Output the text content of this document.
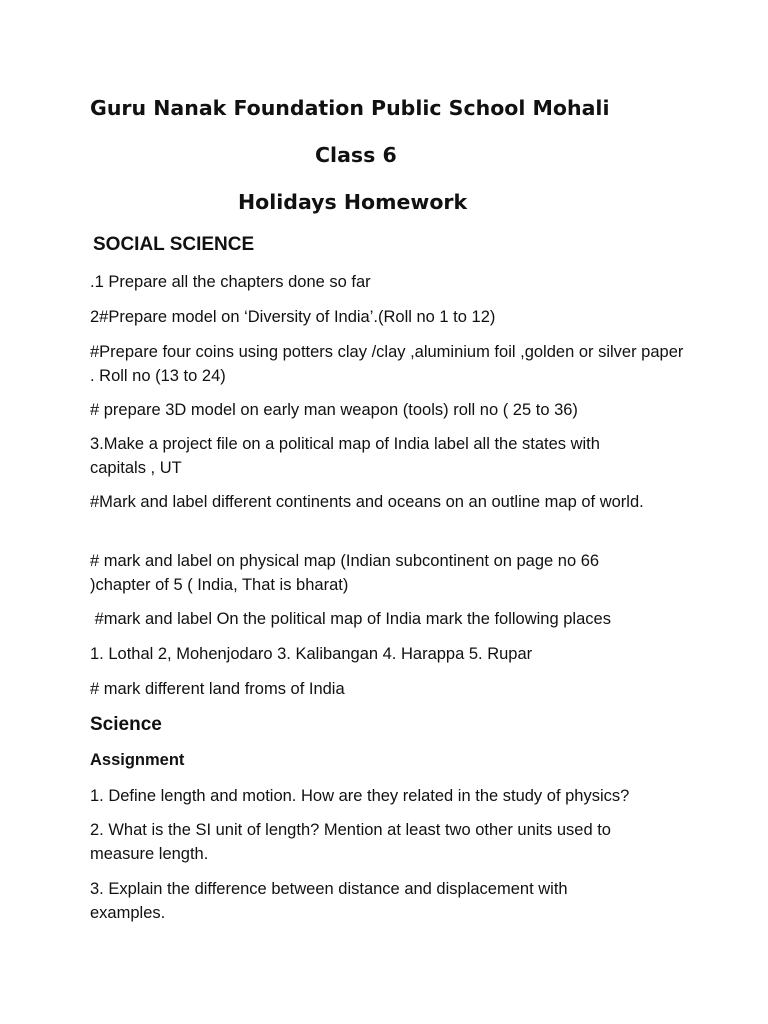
Guru Nanak Foundation Public School Mohali
Class 6
Holidays Homework
SOCIAL SCIENCE

.1 Prepare all the chapters done so far

2#Prepare model on ‘Diversity of India’.(Roll no 1 to 12)

#Prepare four coins using potters clay /clay ,aluminium foil ,golden or silver paper . Roll no (13 to 24)

# prepare 3D model on early man weapon (tools) roll no ( 25 to 36)

3.Make a project file on a political map of India label all the states with capitals , UT

#Mark and label different continents and oceans on an outline map of world.

# mark and label on physical map (Indian subcontinent on page no 66 )chapter of 5 ( India, That is bharat)

#mark and label On the political map of India mark the following places

1. Lothal 2, Mohenjodaro 3. Kalibangan 4. Harappa 5. Rupar

# mark different land froms of India

Science
Assignment

1. Define length and motion. How are they related in the study of physics?

2. What is the SI unit of length? Mention at least two other units used to measure length.

3. Explain the difference between distance and displacement with examples.
